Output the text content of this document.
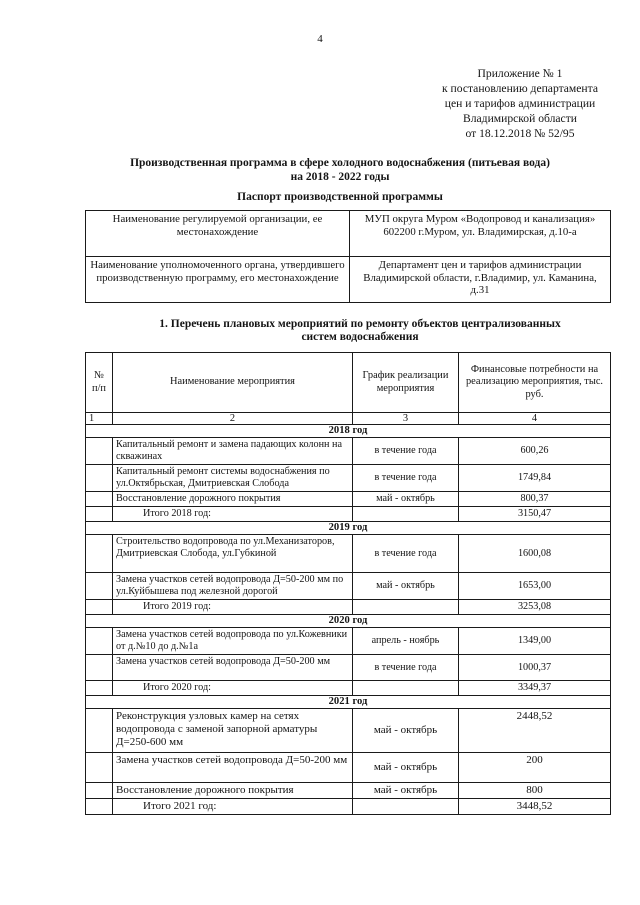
4
Приложение № 1
к постановлению департамента
цен и тарифов администрации
Владимирской области
от 18.12.2018 № 52/95
Производственная программа в сфере холодного водоснабжения (питьевая вода)
на 2018 - 2022 годы
Паспорт производственной программы
Наименование регулируемой организации, ее местонахождение	МУП округа Муром «Водопровод и канализация»
602200 г.Муром, ул. Владимирская, д.10-а

Наименование уполномоченного органа, утвердившего производственную программу, его местонахождение	Департамент цен и тарифов администрации Владимирской области, г.Владимир, ул. Каманина, д.31
1. Перечень плановых мероприятий по ремонту объектов централизованных
систем водоснабжения
№ п/п	Наименование мероприятия	График реализации мероприятия	Финансовые потребности на реализацию мероприятия, тыс. руб.
1	2	3	4
2018 год			
	Капитальный ремонт и замена падающих колонн на скважинах	в течение года	600,26
	Капитальный ремонт системы водоснабжения по ул.Октябрьская, Дмитриевская Слобода	в течение года	1749,84
	Восстановление дорожного покрытия	май - октябрь	800,37
	Итого 2018 год:		3150,47
2019 год			
	Строительство водопровода по ул.Механизаторов, Дмитриевская Слобода, ул.Губкиной	в течение года	1600,08
	Замена участков сетей водопровода Д=50-200 мм по ул.Куйбышева под железной дорогой	май - октябрь	1653,00
	Итого 2019 год:		3253,08
2020 год			
	Замена участков сетей водопровода по ул.Кожевники от д.№10 до д.№1а	апрель - ноябрь	1349,00
	Замена участков сетей водопровода Д=50-200 мм	в течение года	1000,37
	Итого 2020 год:		3349,37
2021 год			
	Реконструкция узловых камер на сетях водопровода с заменой запорной арматуры Д=250-600 мм	май - октябрь	2448,52
	Замена участков сетей водопровода Д=50-200 мм	май - октябрь	200
	Восстановление дорожного покрытия	май - октябрь	800
	Итого 2021 год:		3448,52
